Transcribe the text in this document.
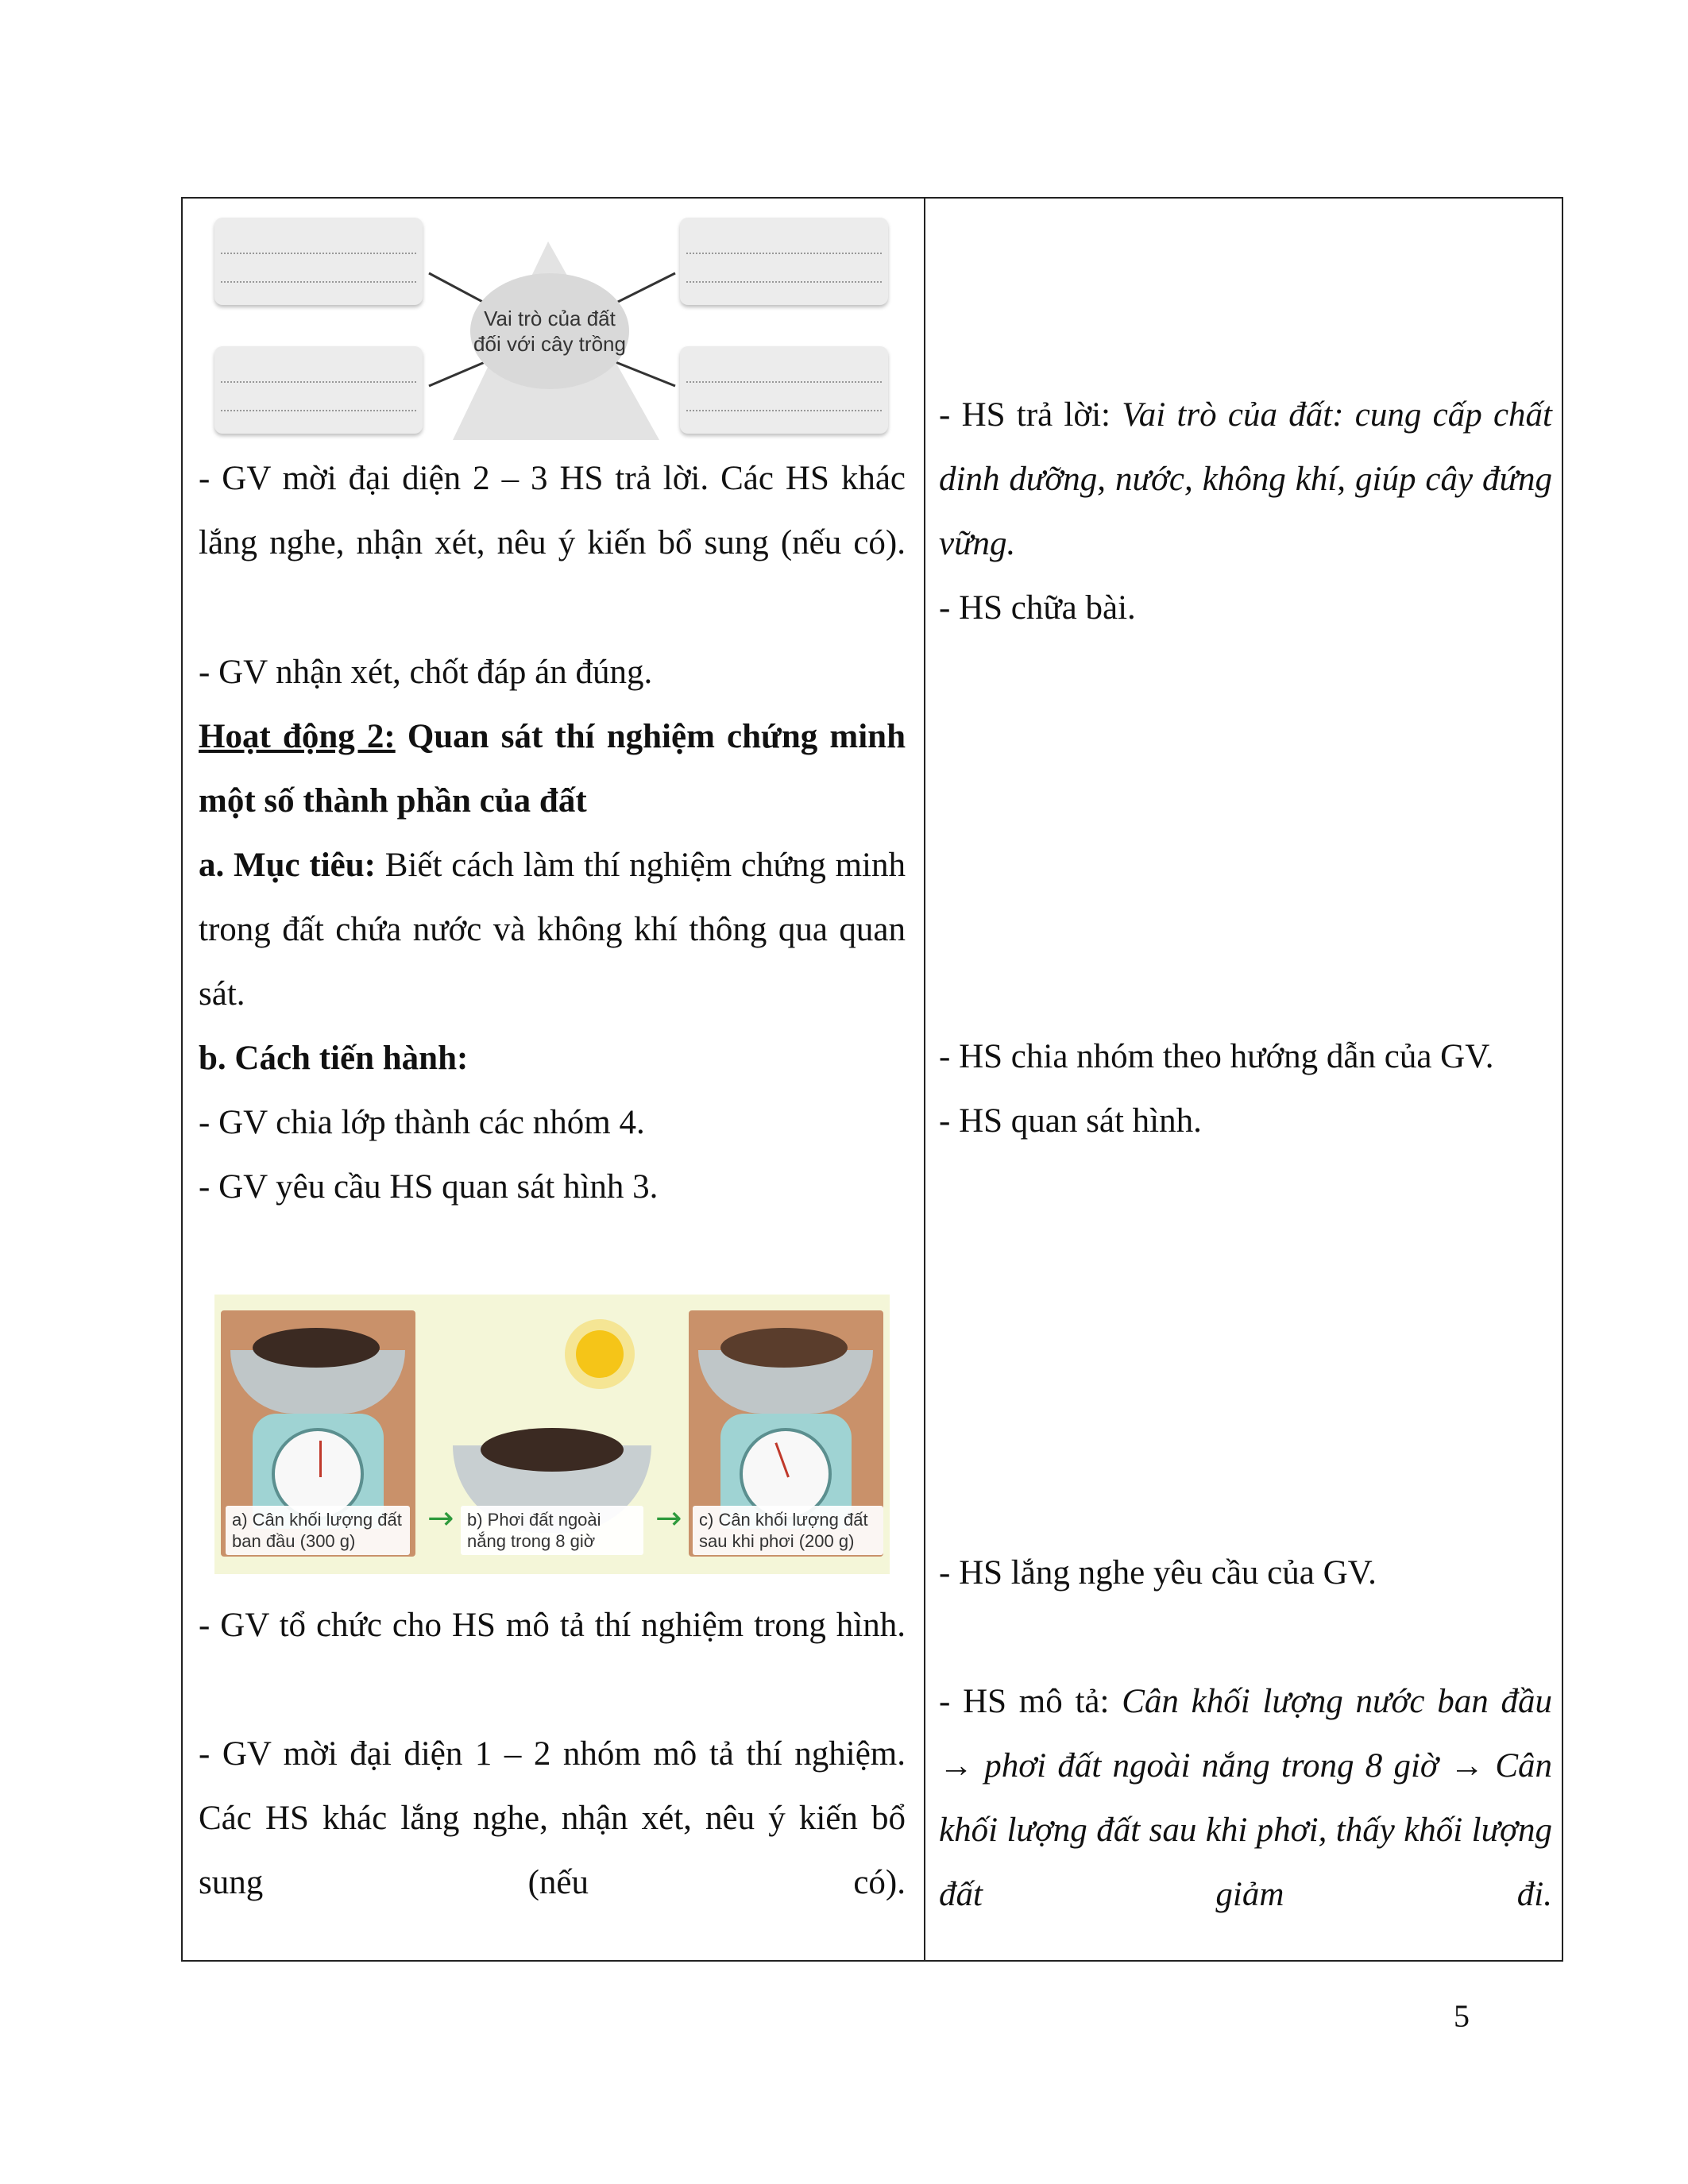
Vai trò của đất đối với cây trồng

- GV mời đại diện 2 – 3 HS trả lời. Các HS khác lắng nghe, nhận xét, nêu ý kiến bổ sung (nếu có).

- GV nhận xét, chốt đáp án đúng.

Hoạt động 2: Quan sát thí nghiệm chứng minh một số thành phần của đất

a. Mục tiêu: Biết cách làm thí nghiệm chứng minh trong đất chứa nước và không khí thông qua quan sát.

b. Cách tiến hành:

- GV chia lớp thành các nhóm 4.

- GV yêu cầu HS quan sát hình 3.

→	→
a) Cân khối lượng đất ban đầu (300 g)
b) Phơi đất ngoài nắng trong 8 giờ
c) Cân khối lượng đất sau khi phơi (200 g)

- GV tổ chức cho HS mô tả thí nghiệm trong hình.

- GV mời đại diện 1 – 2 nhóm mô tả thí nghiệm. Các HS khác lắng nghe, nhận xét, nêu ý kiến bổ sung (nếu có).

- HS trả lời: Vai trò của đất: cung cấp chất dinh dưỡng, nước, không khí, giúp cây đứng vững.

- HS chữa bài.

- HS chia nhóm theo hướng dẫn của GV.

- HS quan sát hình.

- HS lắng nghe yêu cầu của GV.

- HS mô tả: Cân khối lượng nước ban đầu → phơi đất ngoài nắng trong 8 giờ → Cân khối lượng đất sau khi phơi, thấy khối lượng đất giảm đi.

5
